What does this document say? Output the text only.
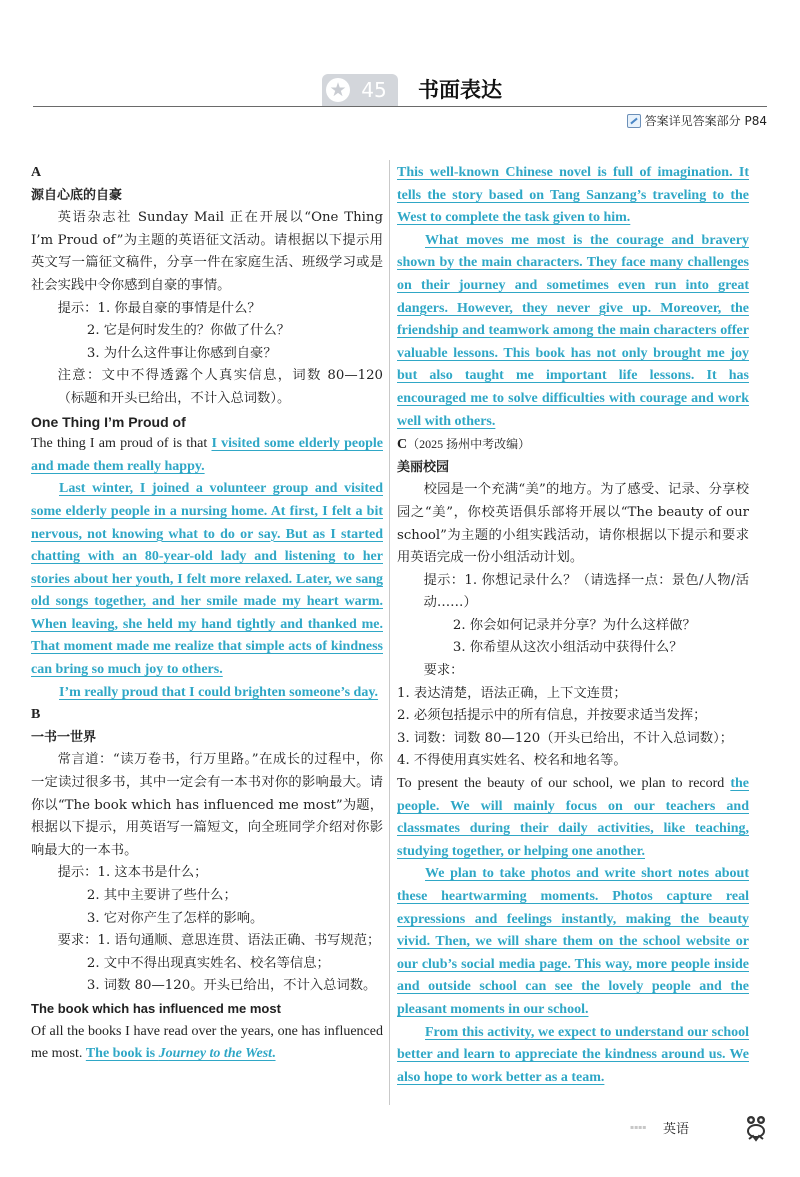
★ 45	书面表达
答案详见答案部分 P84

A

源自心底的自豪

英语杂志社 Sunday Mail 正在开展以“One Thing I’m Proud of”为主题的英语征文活动。请根据以下提示用英文写一篇征文稿件，分享一件在家庭生活、班级学习或是社会实践中令你感到自豪的事情。

提示：1. 你最自豪的事情是什么？

2. 它是何时发生的？你做了什么？

3. 为什么这件事让你感到自豪？

注意：文中不得透露个人真实信息，词数 80—120（标题和开头已给出，不计入总词数）。

One Thing I’m Proud of

The thing I am proud of is that I visited some elderly people and made them really happy.

Last winter, I joined a volunteer group and visited some elderly people in a nursing home. At first, I felt a bit nervous, not knowing what to do or say. But as I started chatting with an 80-year-old lady and listening to her stories about her youth, I felt more relaxed. Later, we sang old songs together, and her smile made my heart warm. When leaving, she held my hand tightly and thanked me. That moment made me realize that simple acts of kindness can bring so much joy to others.

I’m really proud that I could brighten someone’s day.

B

一书一世界

常言道：“读万卷书，行万里路。”在成长的过程中，你一定读过很多书，其中一定会有一本书对你的影响最大。请你以“The book which has influenced me most”为题，根据以下提示，用英语写一篇短文，向全班同学介绍对你影响最大的一本书。

提示：1. 这本书是什么；

2. 其中主要讲了些什么；

3. 它对你产生了怎样的影响。

要求：1. 语句通顺、意思连贯、语法正确、书写规范；

2. 文中不得出现真实姓名、校名等信息；

3. 词数 80—120。开头已给出，不计入总词数。

The book which has influenced me most

Of all the books I have read over the years, one has influenced me most. The book is Journey to the West.

This well-known Chinese novel is full of imagination. It tells the story based on Tang Sanzang’s traveling to the West to complete the task given to him.

What moves me most is the courage and bravery shown by the main characters. They face many challenges on their journey and sometimes even run into great dangers. However, they never give up. Moreover, the friendship and teamwork among the main characters offer valuable lessons. This book has not only brought me joy but also taught me important life lessons. It has encouraged me to solve difficulties with courage and work well with others.

C（2025 扬州中考改编）

美丽校园

校园是一个充满“美”的地方。为了感受、记录、分享校园之“美”，你校英语俱乐部将开展以“The beauty of our school”为主题的小组实践活动，请你根据以下提示和要求用英语完成一份小组活动计划。

提示：1. 你想记录什么？（请选择一点：景色/人物/活动……）

2. 你会如何记录并分享？为什么这样做？

3. 你希望从这次小组活动中获得什么？

要求：

1. 表达清楚，语法正确，上下文连贯；

2. 必须包括提示中的所有信息，并按要求适当发挥；

3. 词数：词数 80—120（开头已给出，不计入总词数）；

4. 不得使用真实姓名、校名和地名等。

To present the beauty of our school, we plan to record the people. We will mainly focus on our teachers and classmates during their daily activities, like teaching, studying together, or helping one another.

We plan to take photos and write short notes about these heartwarming moments. Photos capture real expressions and feelings instantly, making the beauty vivid. Then, we will share them on the school website or our club’s social media page. This way, more people inside and outside school can see the lovely people and the pleasant moments in our school.

From this activity, we expect to understand our school better and learn to appreciate the kindness around us. We also hope to work better as a team.

▪▪▪▪	英语
